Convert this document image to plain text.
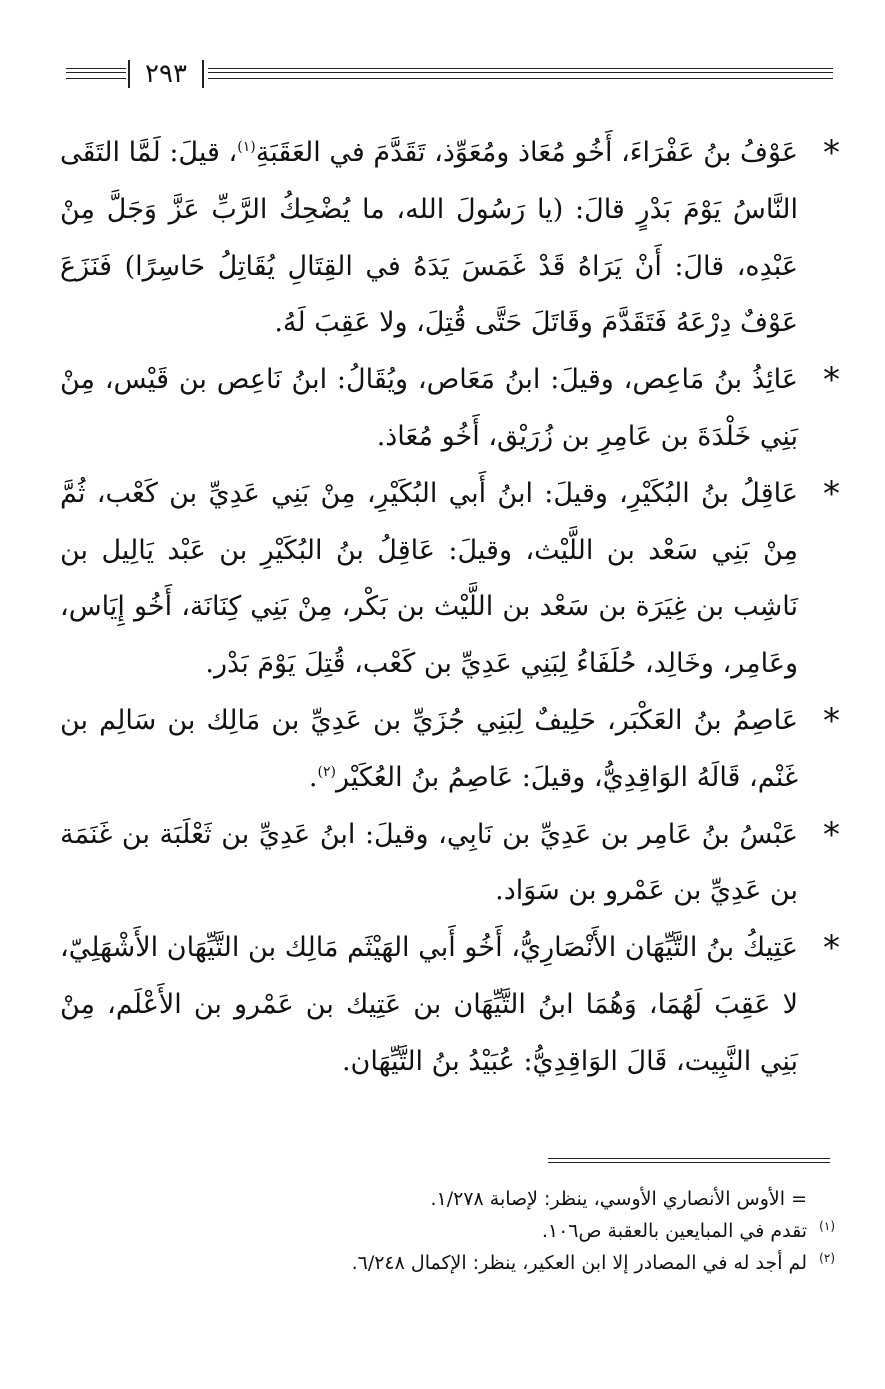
٢٩٣

*
عَوْفُ بنُ عَفْرَاءَ، أَخُو مُعَاذ ومُعَوِّذ، تَقَدَّمَ في العَقَبَةِ$^{(١)}$، قيلَ: لَمَّا التَقَى النَّاسُ يَوْمَ بَدْرٍ قالَ: (يا رَسُولَ الله، ما يُضْحِكُ الرَّبِّ عَزَّ وَجَلَّ مِنْ عَبْدِه، قالَ: أَنْ يَرَاهُ قَدْ غَمَسَ يَدَهُ في القِتَالِ يُقَاتِلُ حَاسِرًا) فَنَزَعَ عَوْفٌ دِرْعَهُ فَتَقَدَّمَ وقَاتَلَ حَتَّى قُتِلَ، ولا عَقِبَ لَهُ.

*
عَائِذُ بنُ مَاعِص، وقيلَ: ابنُ مَعَاص، ويُقَالُ: ابنُ نَاعِص بن قَيْس، مِنْ بَنِي خَلْدَةَ بن عَامِرِ بن زُرَيْق، أَخُو مُعَاذ.

*
عَاقِلُ بنُ البُكَيْرِ، وقيلَ: ابنُ أَبي البُكَيْرِ، مِنْ بَنِي عَدِيِّ بن كَعْب، ثُمَّ مِنْ بَنِي سَعْد بن اللَّيْث، وقيلَ: عَاقِلُ بنُ البُكَيْرِ بن عَبْد يَالِيل بن نَاشِب بن غِيَرَة بن سَعْد بن اللَّيْث بن بَكْر، مِنْ بَنِي كِنَانَة، أَخُو إِيَاس، وعَامِر، وخَالِد، حُلَفَاءُ لِبَنِي عَدِيِّ بن كَعْب، قُتِلَ يَوْمَ بَدْر.

*
عَاصِمُ بنُ العَكْبَر، حَلِيفٌ لِبَنِي جُزَيِّ بن عَدِيِّ بن مَالِك بن سَالِم بن غَنْم، قَالَهُ الوَاقِدِيُّ، وقيلَ: عَاصِمُ بنُ العُكَيْر$^{(٢)}$.

*
عَبْسُ بنُ عَامِر بن عَدِيِّ بن نَابِي، وقيلَ: ابنُ عَدِيِّ بن ثَعْلَبَة بن غَنَمَة بن عَدِيِّ بن عَمْرو بن سَوَاد.

*
عَتِيكُ بنُ التَّيِّهَان الأَنْصَارِيُّ، أَخُو أَبي الهَيْثَم مَالِك بن التَّيِّهَان الأَشْهَلِيّ، لا عَقِبَ لَهُمَا، وَهُمَا ابنُ التَّيِّهَان بن عَتِيك بن عَمْرو بن الأَعْلَم، مِنْ بَنِي النَّبِيت، قَالَ الوَاقِدِيُّ: عُبَيْدُ بنُ التَّيِّهَان.

= الأوس الأنصاري الأوسي، ينظر: لإصابة ١/٢٧٨.
(١)تقدم في المبايعين بالعقبة ص١٠٦.
(٢)لم أجد له في المصادر إلا ابن العكير، ينظر: الإكمال ٦/٢٤٨.
